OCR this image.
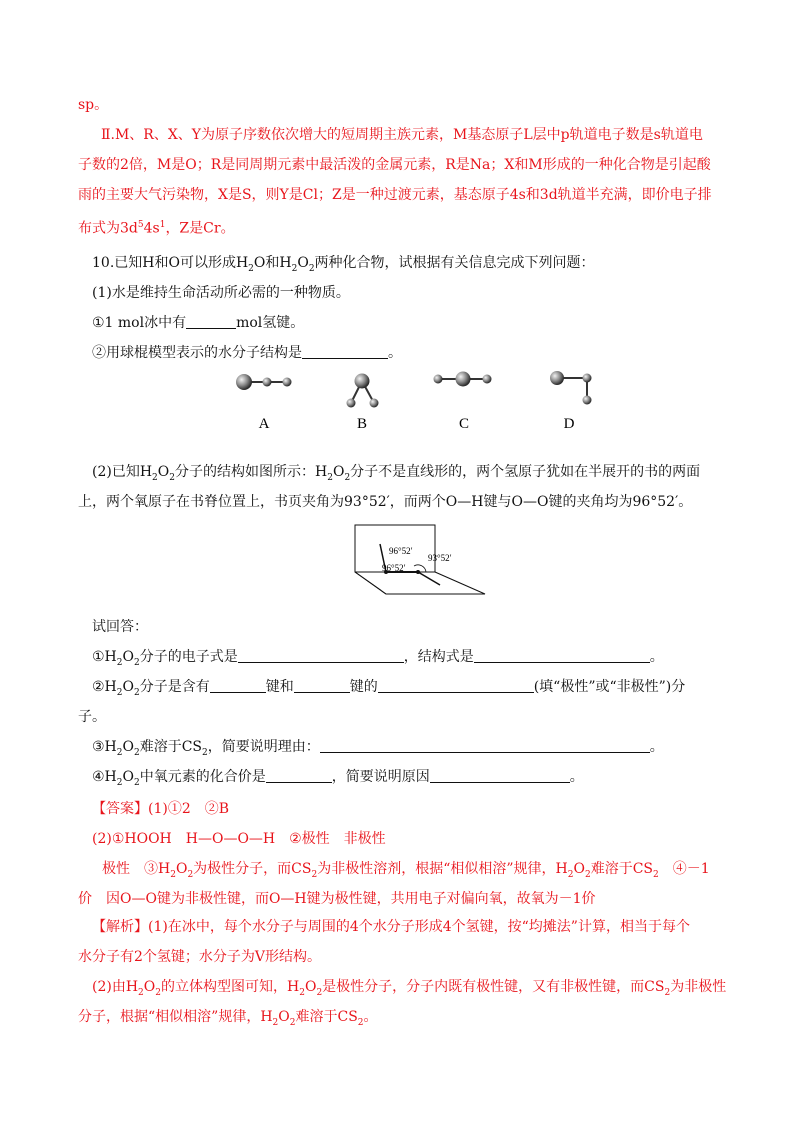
sp。
Ⅱ.M、R、X、Y为原子序数依次增大的短周期主族元素，M基态原子L层中p轨道电子数是s轨道电
子数的2倍，M是O；R是同周期元素中最活泼的金属元素，R是Na；X和M形成的一种化合物是引起酸
雨的主要大气污染物，X是S，则Y是Cl；Z是一种过渡元素，基态原子4s和3d轨道半充满，即价电子排
布式为$3d^54s^1$，Z是Cr。
10.已知H和O可以形成$H_2O$和$H_2O_2$两种化合物，试根据有关信息完成下列问题：
(1)水是维持生命活动所必需的一种物质。
①1 mol冰中有	mol氢键。
②用球棍模型表示的水分子结构是	。
A	B	C	D
(2)已知$H_2O_2$分子的结构如图所示：$H_2O_2$分子不是直线形的，两个氢原子犹如在半展开的书的两面
上，两个氧原子在书脊位置上，书页夹角为93°52′，而两个O—H键与O—O键的夹角均为96°52′。
96°52′
93°52′
96°52′
试回答：
$①H_2O_2$分子的电子式是	，结构式是	。
$②H_2O_2$分子是含有	键和	键的	(填“极性”或“非极性”)分
子。
$③H_2O_2$难溶于$CS_2$，简要说明理由：	。
$④H_2O_2$中氧元素的化合价是	，简要说明原因	。
【答案】(1)①2　②B
(2)①HOOH　H—O—O—H　②极性　非极性
极性　$③H_2O_2$为极性分子，而$CS_2$为非极性溶剂，根据“相似相溶”规律，$H_2O_2$难溶于$CS_2$　④－1
价　因O—O键为非极性键，而O—H键为极性键，共用电子对偏向氧，故氧为－1价
【解析】(1)在冰中，每个水分子与周围的4个水分子形成4个氢键，按“均摊法”计算，相当于每个
水分子有2个氢键；水分子为V形结构。
(2)由$H_2O_2$的立体构型图可知，$H_2O_2$是极性分子，分子内既有极性键，又有非极性键，而$CS_2$为非极性
分子，根据“相似相溶”规律，$H_2O_2$难溶于$CS_2$。
